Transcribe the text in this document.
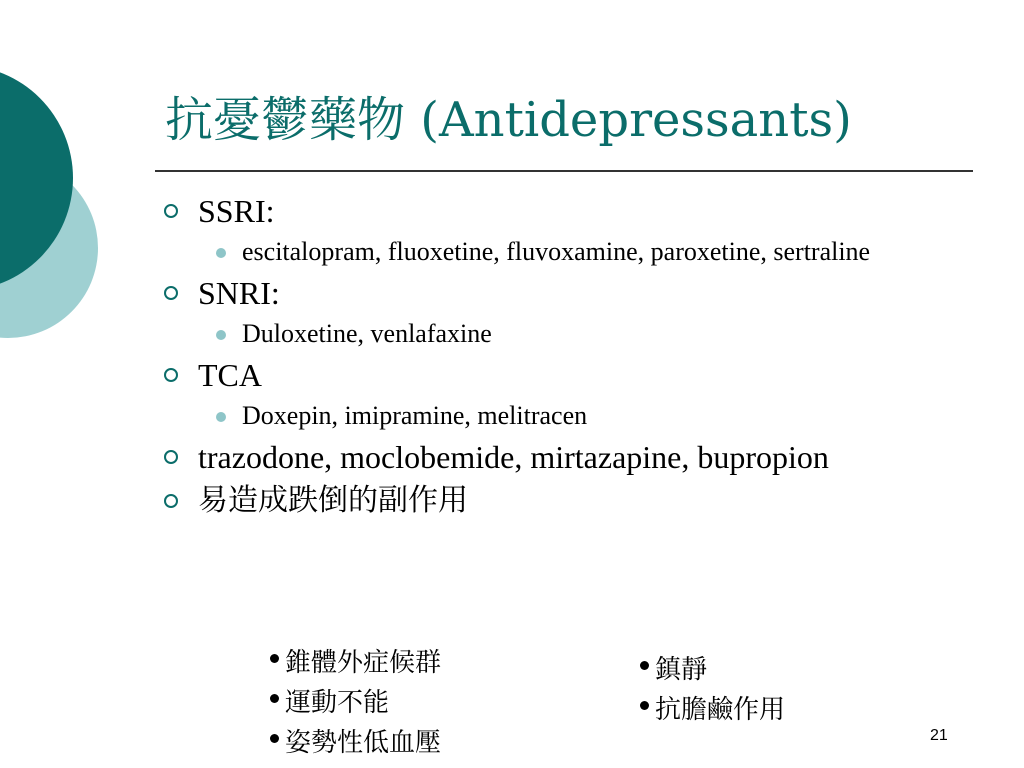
抗憂鬱藥物 (Antidepressants)
SSRI:
escitalopram, fluoxetine, fluvoxamine, paroxetine, sertraline
SNRI:
Duloxetine, venlafaxine
TCA
Doxepin, imipramine, melitracen
trazodone, moclobemide, mirtazapine, bupropion
易造成跌倒的副作用
錐體外症候群
運動不能
姿勢性低血壓
鎮靜
抗膽鹼作用
21
